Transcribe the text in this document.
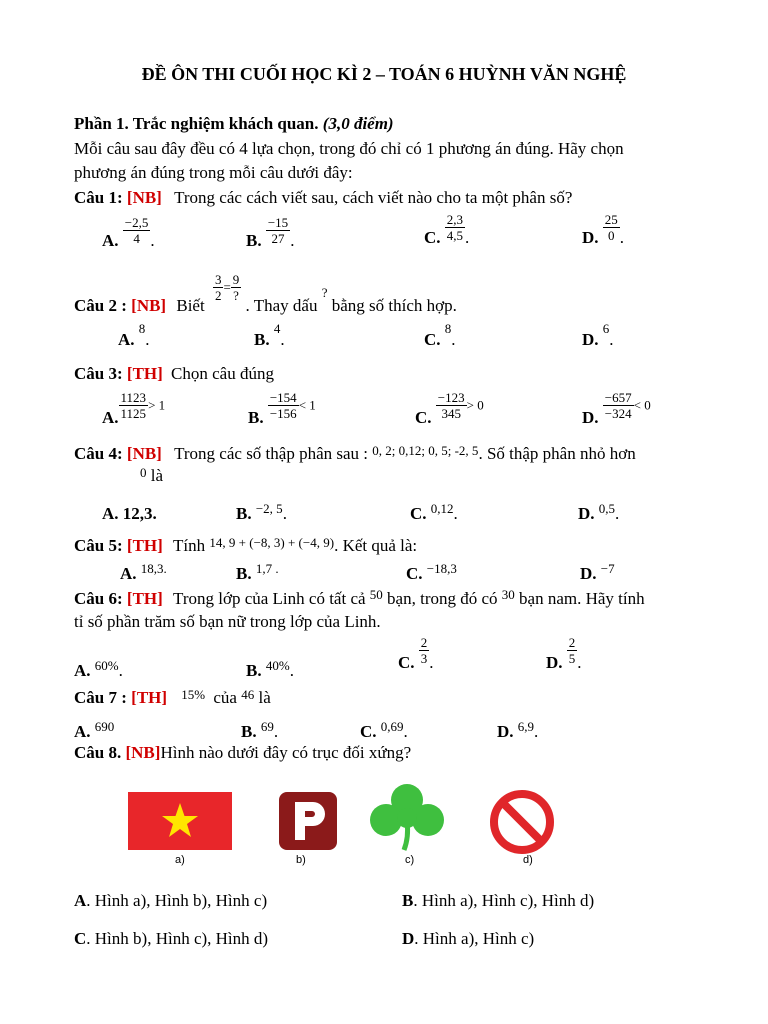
ĐỀ ÔN THI CUỐI HỌC KÌ 2 – TOÁN 6 HUỲNH VĂN NGHỆ
Phần 1. Trắc nghiệm khách quan. (3,0 điểm)
Mỗi câu sau đây đều có 4 lựa chọn, trong đó chỉ có 1 phương án đúng. Hãy chọn
phương án đúng trong mỗi câu dưới đây:
Câu 1: [NB] Trong các cách viết sau, cách viết nào cho ta một phân số?
A. $\frac{-2,5}{4}$ .	B. $\frac{-15}{27}$ .	C. $\frac{2,3}{4,5}$ .	D. $\frac{25}{0}$ .
Câu 2 : [NB] Biết
$\frac{3}{2} = \frac{9}{?}$
. Thay dấu $_?$ bằng số thích hợp.
A. 8.	B. 4.	C. 8.	D. 6.
Câu 3: [TH] Chọn câu đúng
A. $\frac{1123}{1125} > 1$
B. $\frac{-154}{-156} < 1$
C. $\frac{-123}{345} > 0$
D. $\frac{-657}{-324} < 0$
Câu 4: [NB] Trong các số thập phân sau : $^{0, 2; 0,12; 0, 5; -2, 5}$. Số thập phân nhỏ hơn
$^0$ là
A. 12,3.	B. −2, 5.	C. 0,12.	D. 0,5.
Câu 5: [TH] Tính $^{14, 9 + (-8, 3) + (-4, 9)}$. Kết quả là:
A. 18,3.	B. 1,7 .	C. −18,3	D. −7
Câu 6: [TH] Trong lớp của Linh có tất cả $^{50}$ bạn, trong đó có $^{30}$ bạn nam. Hãy tính
tỉ số phần trăm số bạn nữ trong lớp của Linh.
A. 60%.	B. 40%.	C. $\frac{2}{3}$ .	D. $\frac{2}{5}$ .
Câu 7 : [TH] $^{15\%}$ của $^{46}$ là
A. 690	B. 69.	C. 0,69.	D. 6,9.
Câu 8. [NB]Hình nào dưới đây có trục đối xứng?
a)	b)	c)	d)
A. Hình a), Hình b), Hình c)	B. Hình a), Hình c), Hình d)
C. Hình b), Hình c), Hình d)	D. Hình a), Hình c)
